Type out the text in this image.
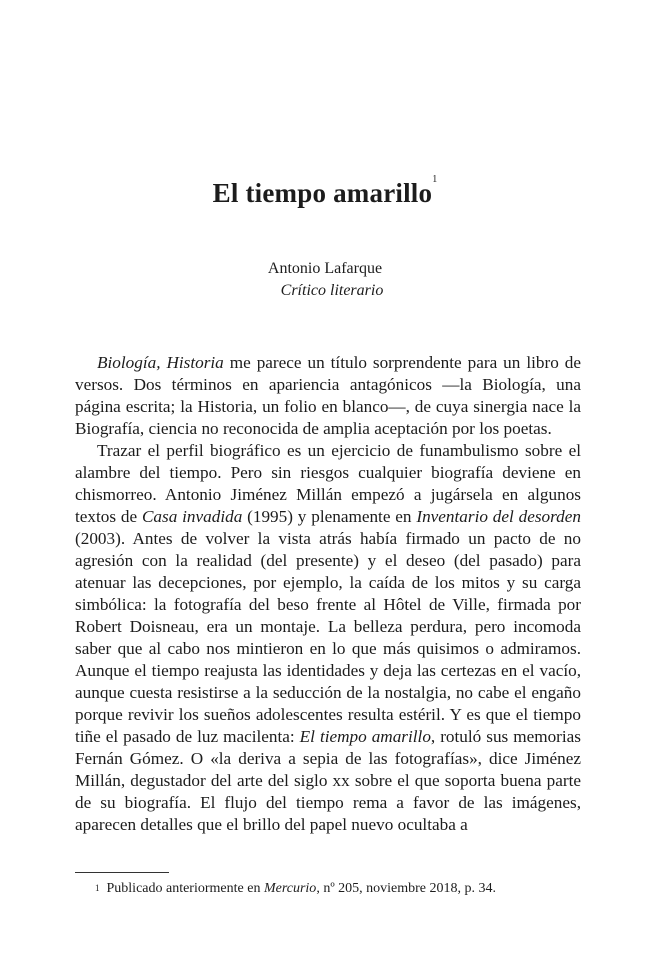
El tiempo amarillo$^1$
Antonio Lafarque
Crítico literario

Biología, Historia me parece un título sorprendente para un libro de versos. Dos términos en apariencia antagónicos —la Biología, una página escrita; la Historia, un folio en blanco—, de cuya sinergia nace la Biografía, ciencia no reconocida de amplia aceptación por los poetas.

Trazar el perfil biográfico es un ejercicio de funambulismo sobre el alambre del tiempo. Pero sin riesgos cualquier biografía deviene en chismorreo. Antonio Jiménez Millán empezó a jugársela en algunos textos de Casa invadida (1995) y plenamente en Inventario del desorden (2003). Antes de volver la vista atrás había firmado un pacto de no agresión con la realidad (del presente) y el deseo (del pasado) para atenuar las decepciones, por ejemplo, la caída de los mitos y su carga simbólica: la fotografía del beso frente al Hôtel de Ville, firmada por Robert Doisneau, era un montaje. La belleza perdura, pero incomoda saber que al cabo nos mintieron en lo que más quisimos o admiramos. Aunque el tiempo reajusta las identidades y deja las certezas en el vacío, aunque cuesta resistirse a la seducción de la nostalgia, no cabe el engaño porque revivir los sueños adolescentes resulta estéril. Y es que el tiempo tiñe el pasado de luz macilenta: El tiempo amarillo, rotuló sus memorias Fernán Gómez. O «la deriva a sepia de las fotografías», dice Jiménez Millán, degustador del arte del siglo xx sobre el que soporta buena parte de su biografía. El flujo del tiempo rema a favor de las imágenes, aparecen detalles que el brillo del papel nuevo ocultaba a

$^1$ Publicado anteriormente en Mercurio, nº 205, noviembre 2018, p. 34.
